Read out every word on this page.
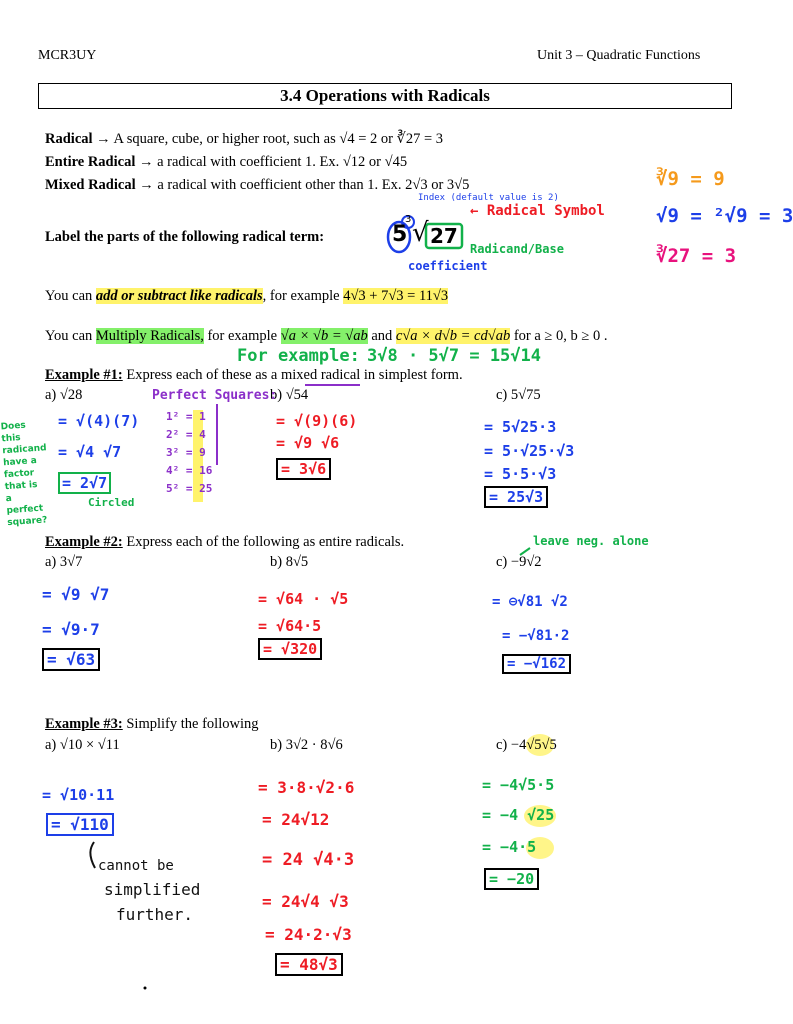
MCR3UY	Unit 3 – Quadratic Functions
3.4 Operations with Radicals
Radical → A square, cube, or higher root, such as √4 = 2 or ∛27 = 3
Entire Radical → a radical with coefficient 1. Ex. √12 or √45
Mixed Radical → a radical with coefficient other than 1. Ex. 2√3 or 3√5	∛9 = 9
√9 = ²√9 = 3
∛27 = 3
Label the parts of the following radical term:	5
3 √ 27
Index (default value is 2)
← Radical Symbol
Radicand/Base
coefficient
You can add or subtract like radicals, for example 4√3 + 7√3 = 11√3
You can Multiply Radicals, for example √a × √b = √ab and c√a × d√b = cd√ab for a ≥ 0, b ≥ 0 .
For example: 3√8 · 5√7 = 15√14
Example #1: Express each of these as a mixed radical in simplest form.
a) √28	b) √54	c) 5√75
Perfect Squares:
1² = 1
2² = 4
3² = 9
4² = 16
5² = 25
Does this radicand have a factor that is a perfect square?
= √(4)(7)
= √4 √7
= 2√7
Circled
= √(9)(6)
= √9 √6
= 3√6
= 5√25·3
= 5·√25·√3
= 5·5·√3
= 25√3
Example #2: Express each of the following as entire radicals.
a) 3√7	b) 8√5	c) −9√2
leave neg. alone
= √9 √7
= √9·7
= √63
= √64 · √5
= √64·5
= √320
= ⊖√81 √2
= −√81·2
= −√162
Example #3: Simplify the following
a) √10 × √11	b) 3√2 · 8√6	c) −4√5√5
= √10·11
= √110
cannot be
simplified
further.
= 3·8·√2·6
= 24√12
= 24 √4·3
= 24√4 √3
= 24·2·√3
= 48√3
= −4√5·5
= −4 √25
= −4·5
= −20
